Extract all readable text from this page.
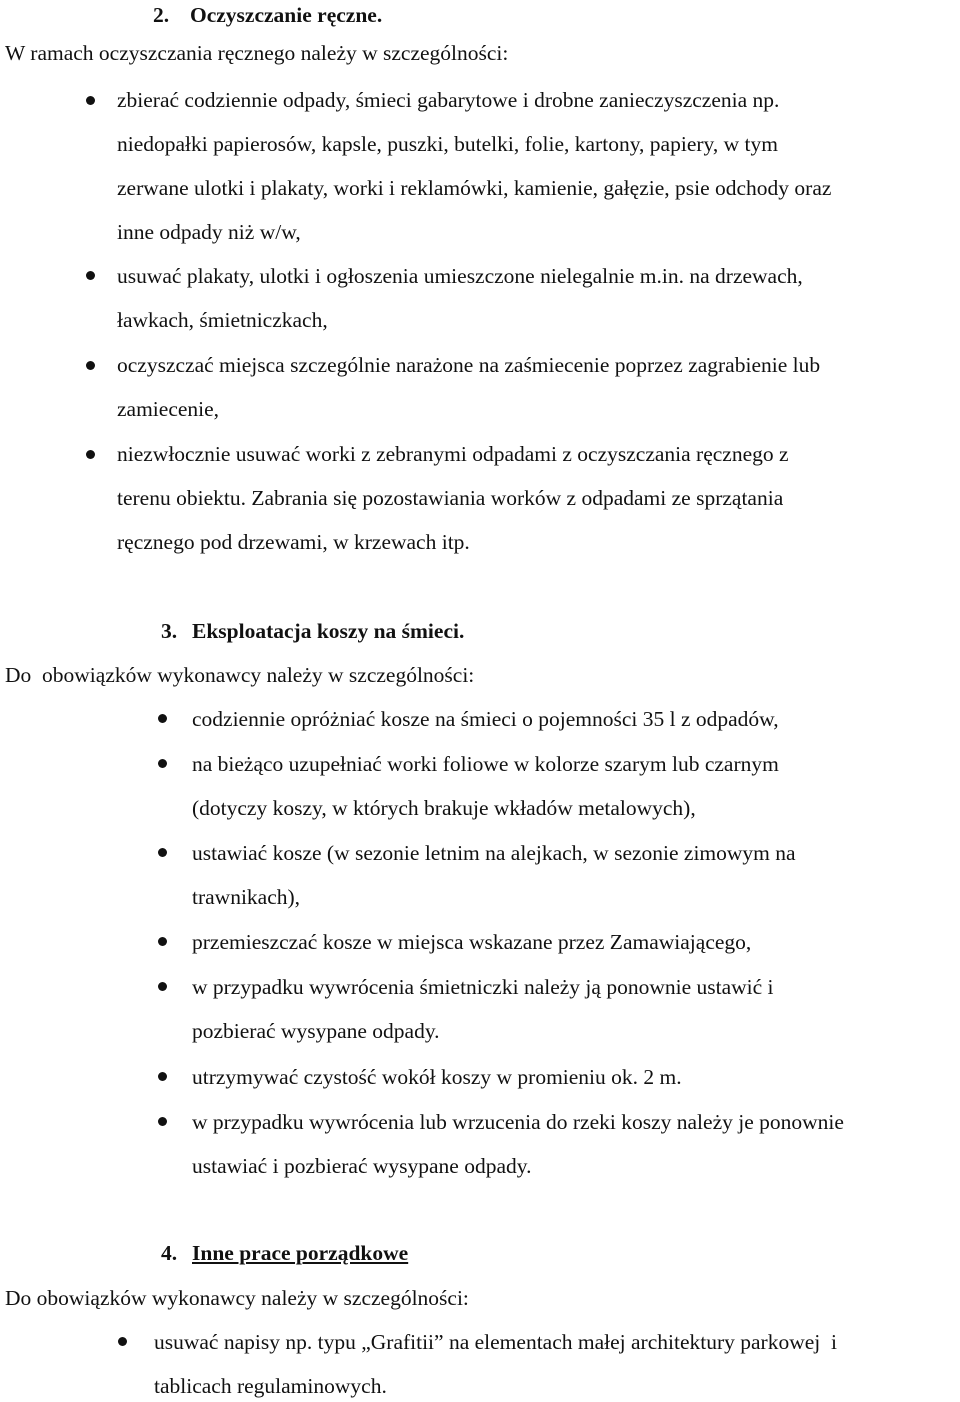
2. Oczyszczanie ręczne.
W ramach oczyszczania ręcznego należy w szczególności:
zbierać codziennie odpady, śmieci gabarytowe i drobne zanieczyszczenia np.
niedopałki papierosów, kapsle, puszki, butelki, folie, kartony, papiery, w tym
zerwane ulotki i plakaty, worki i reklamówki, kamienie, gałęzie, psie odchody oraz
inne odpady niż w/w,
usuwać plakaty, ulotki i ogłoszenia umieszczone nielegalnie m.in. na drzewach,
ławkach, śmietniczkach,
oczyszczać miejsca szczególnie narażone na zaśmiecenie poprzez zagrabienie lub
zamiecenie,
niezwłocznie usuwać worki z zebranymi odpadami z oczyszczania ręcznego z
terenu obiektu. Zabrania się pozostawiania worków z odpadami ze sprzątania
ręcznego pod drzewami, w krzewach itp.
3. Eksploatacja koszy na śmieci.
Do  obowiązków wykonawcy należy w szczególności:
codziennie opróżniać kosze na śmieci o pojemności 35 l z odpadów,
na bieżąco uzupełniać worki foliowe w kolorze szarym lub czarnym
(dotyczy koszy, w których brakuje wkładów metalowych),
ustawiać kosze (w sezonie letnim na alejkach, w sezonie zimowym na
trawnikach),
przemieszczać kosze w miejsca wskazane przez Zamawiającego,
w przypadku wywrócenia śmietniczki należy ją ponownie ustawić i
pozbierać wysypane odpady.
utrzymywać czystość wokół koszy w promieniu ok. 2 m.
w przypadku wywrócenia lub wrzucenia do rzeki koszy należy je ponownie
ustawiać i pozbierać wysypane odpady.
4. Inne prace porządkowe
Do obowiązków wykonawcy należy w szczególności:
usuwać napisy np. typu „Grafitii” na elementach małej architektury parkowej  i
tablicach regulaminowych.
